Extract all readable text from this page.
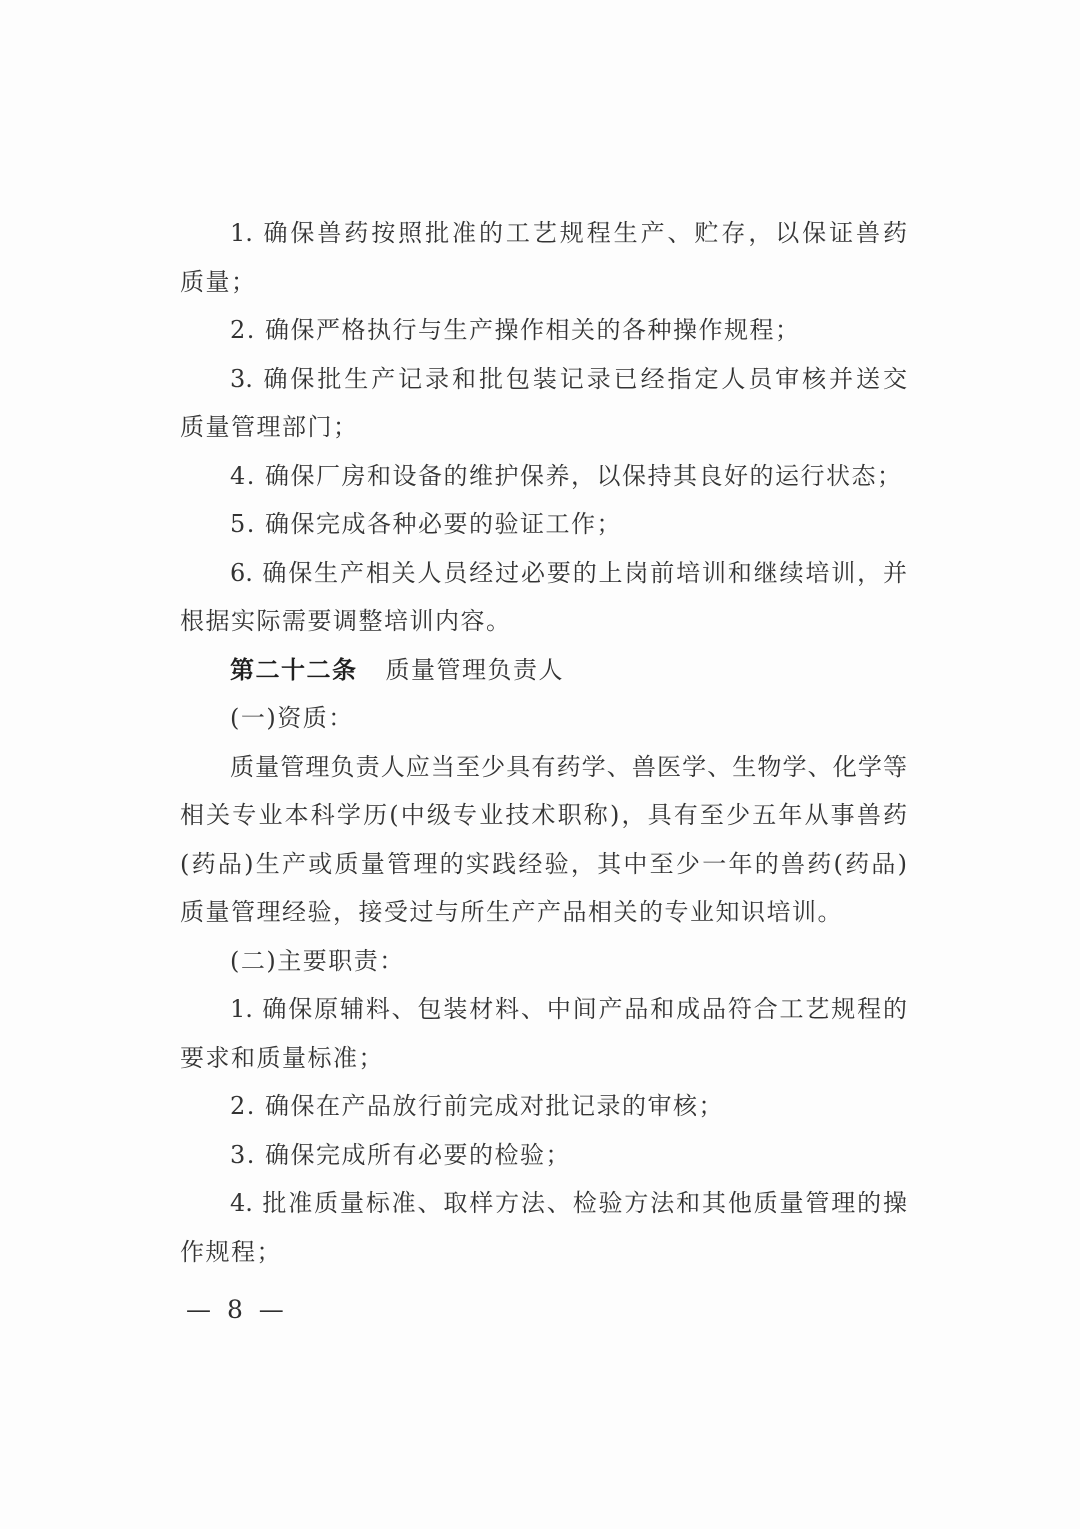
1. 确保兽药按照批准的工艺规程生产、贮存，以保证兽药
质量；
2. 确保严格执行与生产操作相关的各种操作规程；
3. 确保批生产记录和批包装记录已经指定人员审核并送交
质量管理部门；
4. 确保厂房和设备的维护保养，以保持其良好的运行状态；
5. 确保完成各种必要的验证工作；
6. 确保生产相关人员经过必要的上岗前培训和继续培训，并
根据实际需要调整培训内容。
第二十二条 质量管理负责人
(一)资质：
质量管理负责人应当至少具有药学、兽医学、生物学、化学等
相关专业本科学历(中级专业技术职称)，具有至少五年从事兽药
(药品)生产或质量管理的实践经验，其中至少一年的兽药(药品)
质量管理经验，接受过与所生产产品相关的专业知识培训。
(二)主要职责：
1. 确保原辅料、包装材料、中间产品和成品符合工艺规程的
要求和质量标准；
2. 确保在产品放行前完成对批记录的审核；
3. 确保完成所有必要的检验；
4. 批准质量标准、取样方法、检验方法和其他质量管理的操
作规程；
— 8 —
